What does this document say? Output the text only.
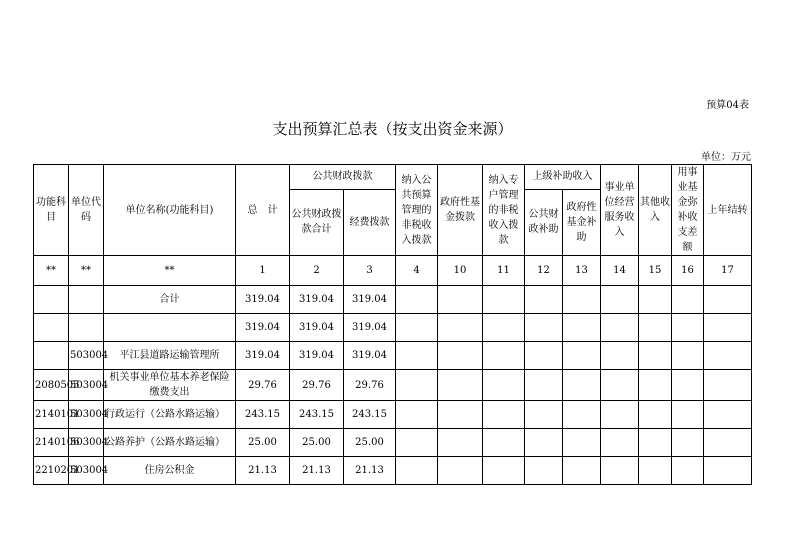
预算04表
支出预算汇总表（按支出资金来源）
单位：万元
功能科目	单位代码	单位名称(功能科目)	总　计	公共财政拨款		纳入公共预算管理的非税收入拨款	政府性基金拨款	纳入专户管理的非税收入拨款	上级补助收入		事业单位经营服务收入	其他收入	用事业基金弥补收支差额	上年结转
				公共财政拨款合计	经费拨款				公共财政补助	政府性基金补助				
**	**	**	1	2	3	4	10	11	12	13	14	15	16	17
		合计	319.04	319.04	319.04									
			319.04	319.04	319.04									
	503004	平江县道路运输管理所	319.04	319.04	319.04									
2080505	503004	机关事业单位基本养老保险缴费支出	29.76	29.76	29.76									
2140101	503004	行政运行（公路水路运输）	243.15	243.15	243.15									
2140106	503004	公路养护（公路水路运输）	25.00	25.00	25.00									
2210201	503004	住房公积金	21.13	21.13	21.13									
